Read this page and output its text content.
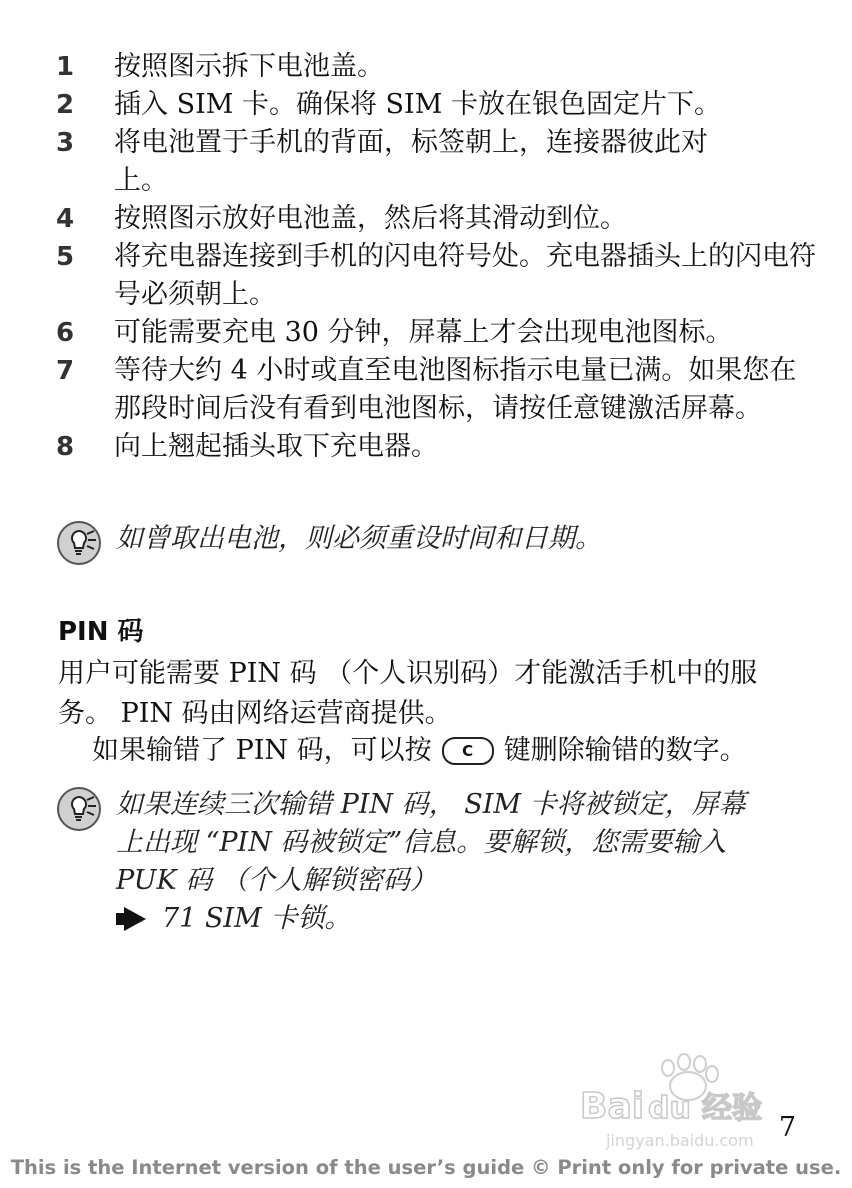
1	按照图示拆下电池盖。
2	插入 SIM 卡。确保将 SIM 卡放在银色固定片下。
3	将电池置于手机的背面，标签朝上，连接器彼此对上。
4	按照图示放好电池盖，然后将其滑动到位。
5	将充电器连接到手机的闪电符号处。充电器插头上的闪电符号必须朝上。
6	可能需要充电 30 分钟，屏幕上才会出现电池图标。
7	等待大约 4 小时或直至电池图标指示电量已满。如果您在那段时间后没有看到电池图标，请按任意键激活屏幕。
8	向上翘起插头取下充电器。
如曾取出电池，则必须重设时间和日期。
PIN 码
用户可能需要 PIN 码 （个人识别码）才能激活手机中的服务。 PIN 码由网络运营商提供。
如果输错了 PIN 码，可以按 C 键删除输错的数字。
如果连续三次输错 PIN 码， SIM 卡将被锁定，屏幕上出现 “PIN 码被锁定”信息。要解锁，您需要输入 PUK 码 （个人解锁密码）
71 SIM 卡锁。
Bai du 经验
jingyan.baidu.com 7
This is the Internet version of the user’s guide © Print only for private use.
